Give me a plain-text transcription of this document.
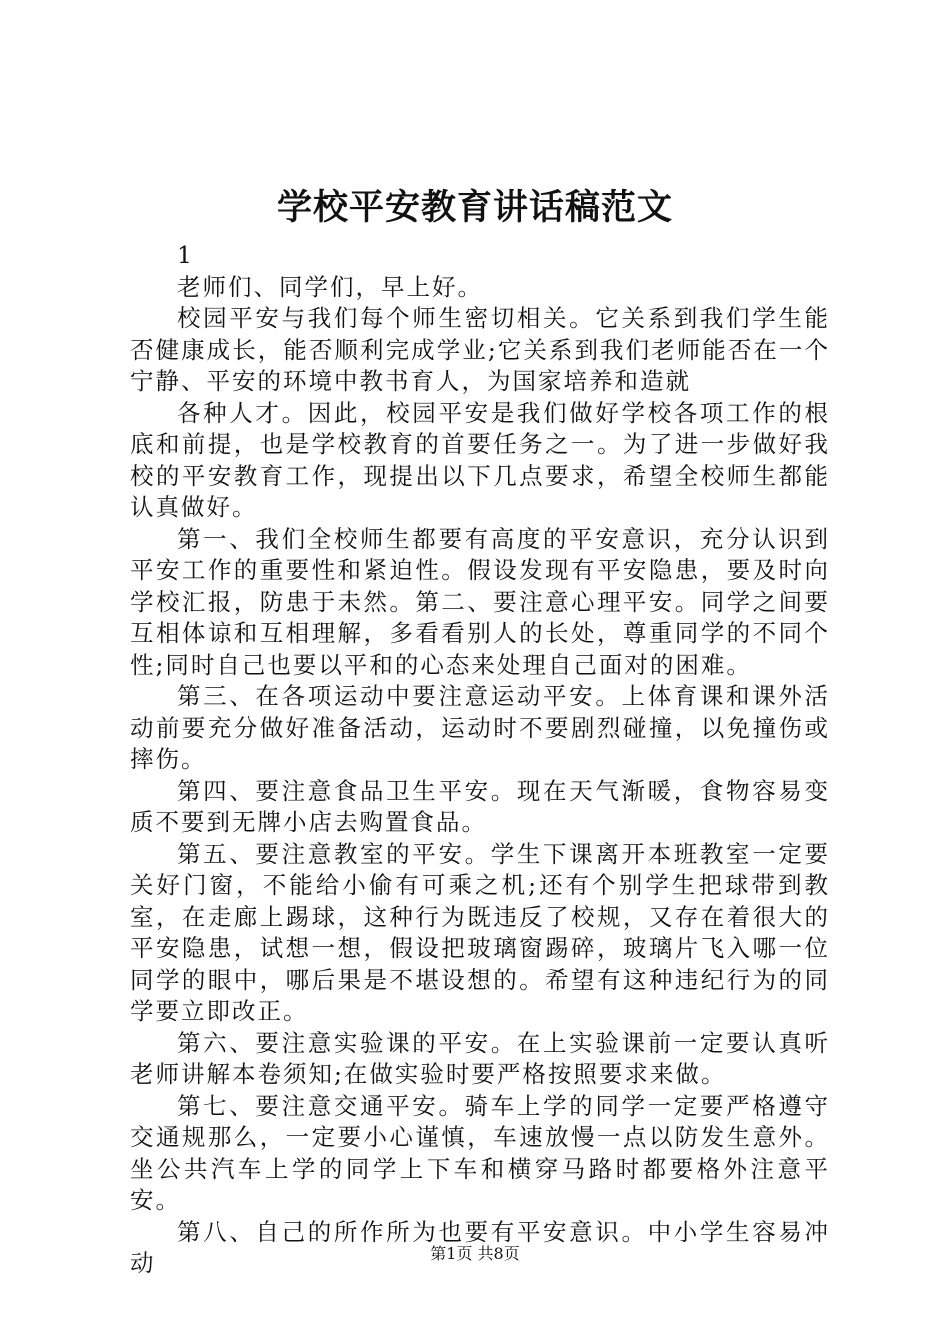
学校平安教育讲话稿范文

1

老师们、同学们，早上好。

校园平安与我们每个师生密切相关。它关系到我们学生能否健康成长，能否顺利完成学业;它关系到我们老师能否在一个宁静、平安的环境中教书育人，为国家培养和造就

各种人才。因此，校园平安是我们做好学校各项工作的根底和前提，也是学校教育的首要任务之一。为了进一步做好我校的平安教育工作，现提出以下几点要求，希望全校师生都能认真做好。

第一、我们全校师生都要有高度的平安意识，充分认识到平安工作的重要性和紧迫性。假设发现有平安隐患，要及时向学校汇报，防患于未然。第二、要注意心理平安。同学之间要互相体谅和互相理解，多看看别人的长处，尊重同学的不同个性;同时自己也要以平和的心态来处理自己面对的困难。

第三、在各项运动中要注意运动平安。上体育课和课外活动前要充分做好准备活动，运动时不要剧烈碰撞，以免撞伤或摔伤。

第四、要注意食品卫生平安。现在天气渐暖，食物容易变质不要到无牌小店去购置食品。

第五、要注意教室的平安。学生下课离开本班教室一定要关好门窗，不能给小偷有可乘之机;还有个别学生把球带到教室，在走廊上踢球，这种行为既违反了校规，又存在着很大的平安隐患，试想一想，假设把玻璃窗踢碎，玻璃片飞入哪一位同学的眼中，哪后果是不堪设想的。希望有这种违纪行为的同学要立即改正。

第六、要注意实验课的平安。在上实验课前一定要认真听老师讲解本卷须知;在做实验时要严格按照要求来做。

第七、要注意交通平安。骑车上学的同学一定要严格遵守交通规那么，一定要小心谨慎，车速放慢一点以防发生意外。坐公共汽车上学的同学上下车和横穿马路时都要格外注意平安。

第八、自己的所作所为也要有平安意识。中小学生容易冲动	第1页 共8页
